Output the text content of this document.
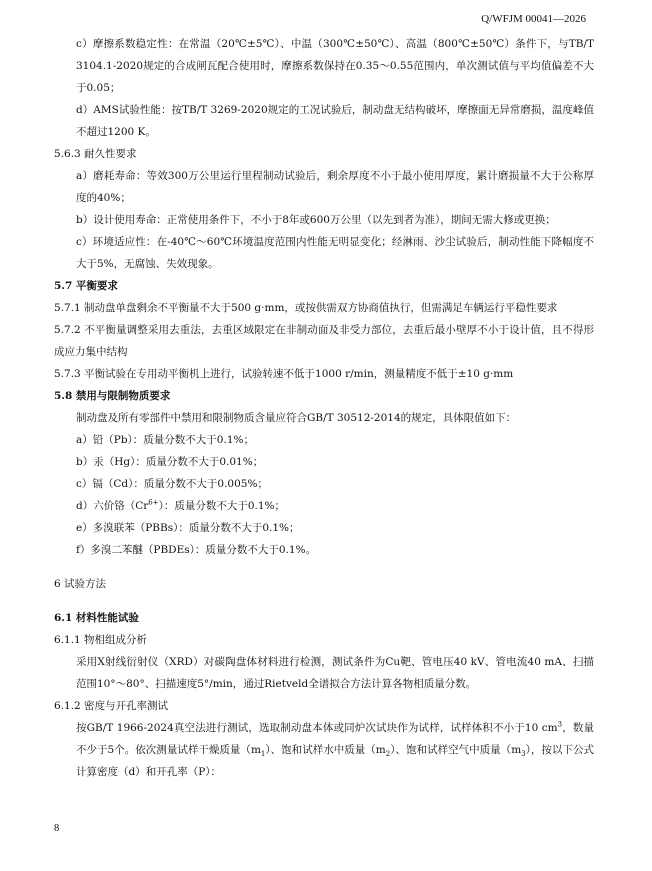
Q/WFJM 00041—2026

c）摩擦系数稳定性：在常温（20℃±5℃）、中温（300℃±50℃）、高温（800℃±50℃）条件下，与TB/T 3104.1-2020规定的合成闸瓦配合使用时，摩擦系数保持在0.35～0.55范围内，单次测试值与平均值偏差不大于0.05；

d）AMS试验性能：按TB/T 3269-2020规定的工况试验后，制动盘无结构破坏，摩擦面无异常磨损，温度峰值不超过1200 K。

5.6.3 耐久性要求

a）磨耗寿命：等效300万公里运行里程制动试验后，剩余厚度不小于最小使用厚度，累计磨损量不大于公称厚度的40%；

b）设计使用寿命：正常使用条件下，不小于8年或600万公里（以先到者为准），期间无需大修或更换；

c）环境适应性：在-40℃～60℃环境温度范围内性能无明显变化；经淋雨、沙尘试验后，制动性能下降幅度不大于5%，无腐蚀、失效现象。

5.7 平衡要求

5.7.1 制动盘单盘剩余不平衡量不大于500 g·mm，或按供需双方协商值执行，但需满足车辆运行平稳性要求

5.7.2 不平衡量调整采用去重法，去重区域限定在非制动面及非受力部位，去重后最小壁厚不小于设计值，且不得形成应力集中结构

5.7.3 平衡试验在专用动平衡机上进行，试验转速不低于1000 r/min，测量精度不低于±10 g·mm

5.8 禁用与限制物质要求

制动盘及所有零部件中禁用和限制物质含量应符合GB/T 30512-2014的规定，具体限值如下：

a）铅（Pb）：质量分数不大于0.1%；

b）汞（Hg）：质量分数不大于0.01%；

c）镉（Cd）：质量分数不大于0.005%；

d）六价铬$(Cr^{6+})$：质量分数不大于0.1%；

e）多溴联苯（PBBs）：质量分数不大于0.1%；

f）多溴二苯醚（PBDEs）：质量分数不大于0.1%。

6 试验方法

6.1 材料性能试验

6.1.1 物相组成分析

采用X射线衍射仪（XRD）对碳陶盘体材料进行检测，测试条件为Cu靶、管电压40 kV、管电流40 mA、扫描范围10°～80°、扫描速度5°/min，通过Rietveld全谱拟合方法计算各物相质量分数。

6.1.2 密度与开孔率测试

按GB/T 1966-2024真空法进行测试，选取制动盘本体或同炉次试块作为试样，试样体积不小于10 $cm^3$，数量不少于5个。依次测量试样干燥质量$(m_1)$、饱和试样水中质量$(m_2)$、饱和试样空气中质量$(m_3)$，按以下公式计算密度（d）和开孔率（P）：

8
